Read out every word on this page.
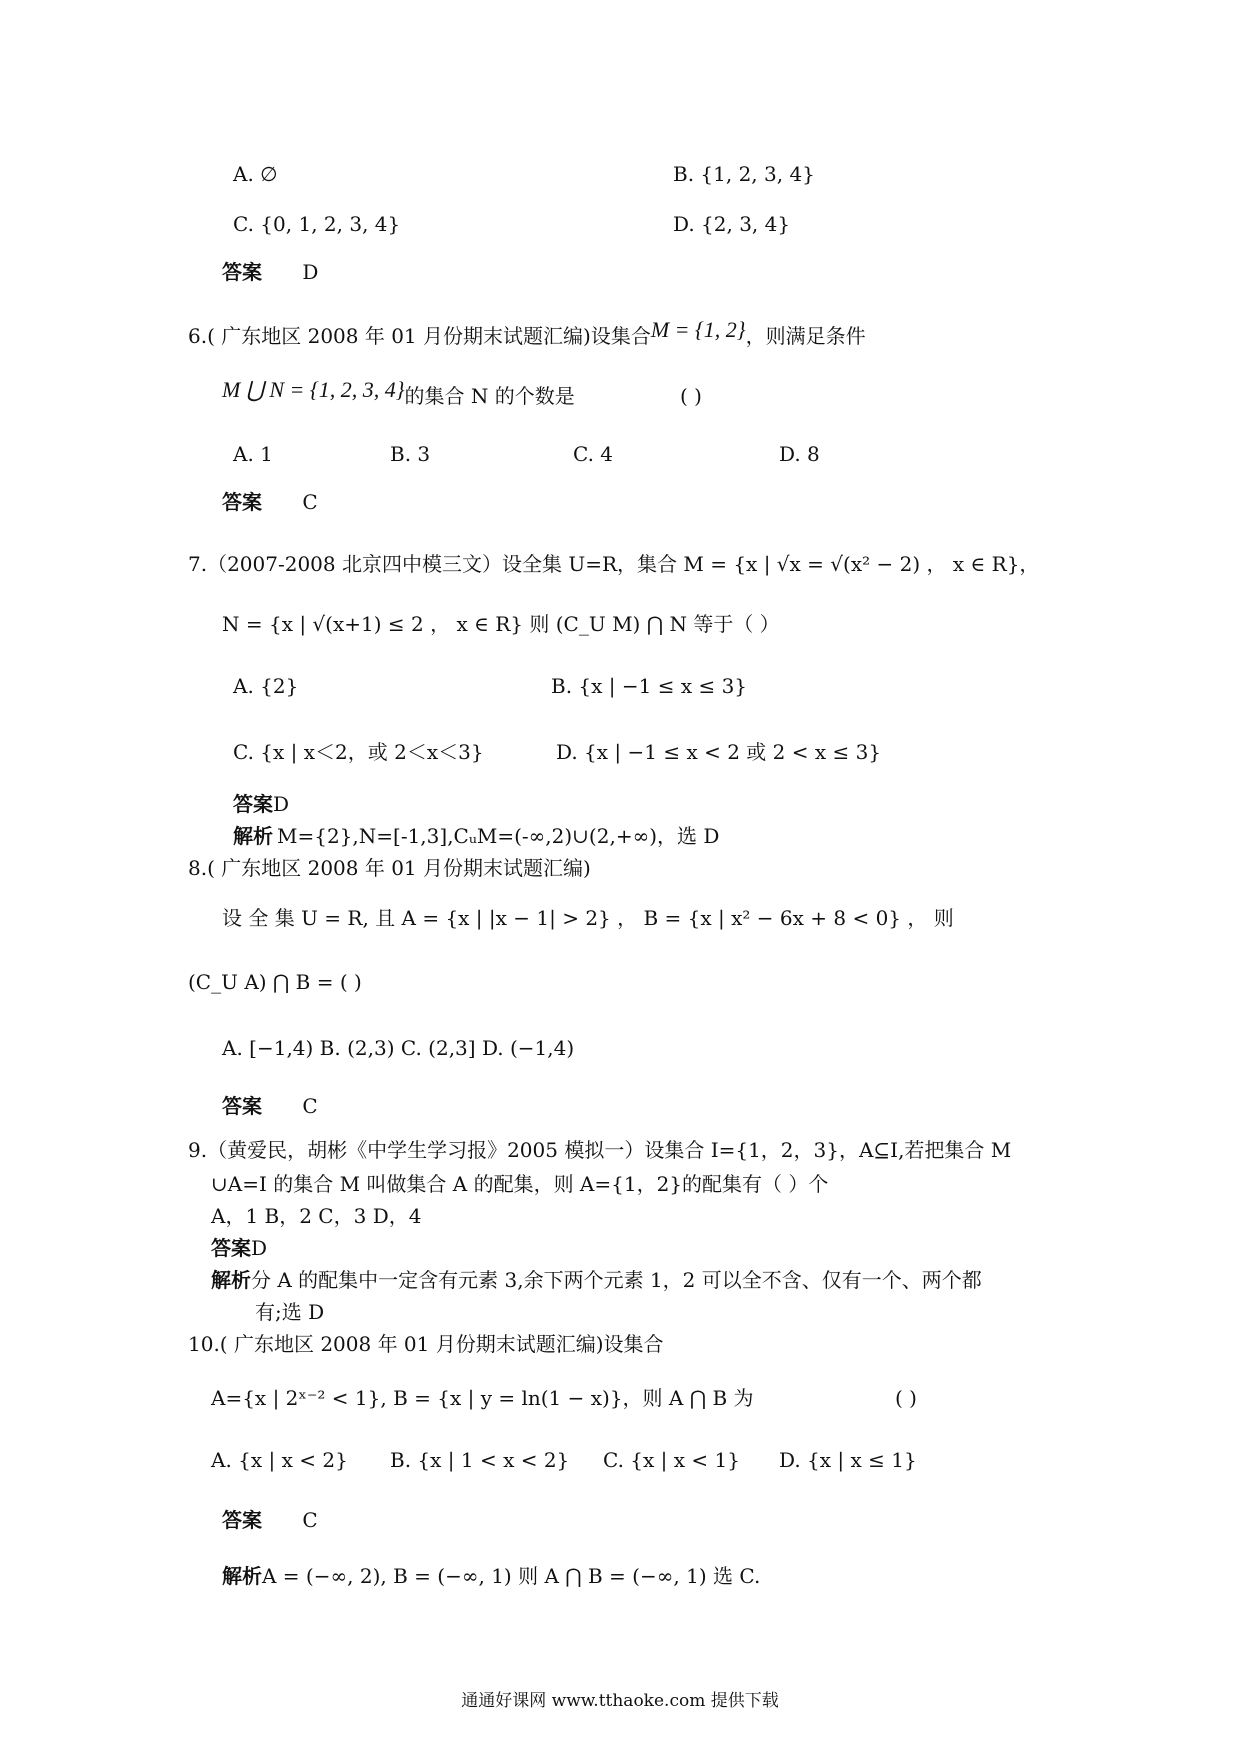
A. ∅	B. {1, 2, 3, 4}
C. {0, 1, 2, 3, 4}	D. {2, 3, 4}
答案 D
6.( 广东地区 2008 年 01 月份期末试题汇编)设集合M = {1, 2}，则满足条件
M ⋃ N = {1, 2, 3, 4}的集合 N 的个数是	( )
A. 1	B. 3	C. 4	D. 8
答案 C
7.（2007-2008 北京四中模三文）设全集 U=R，集合 M = {x | √x = √(x² − 2) ， x ∈ R}，
N = {x | √(x+1) ≤ 2 ， x ∈ R} 则 (C_U M) ⋂ N 等于（ ）
A. {2}	B. {x | −1 ≤ x ≤ 3}
C. {x | x＜2，或 2＜x＜3}	D. {x | −1 ≤ x < 2 或 2 < x ≤ 3}
答案D
解析 M={2},N=[-1,3],CᵤM=(-∞,2)∪(2,+∞)，选 D
8.( 广东地区 2008 年 01 月份期末试题汇编)
设 全 集 U = R, 且 A = {x | |x − 1| > 2} ， B = {x | x² − 6x + 8 < 0} ， 则
(C_U A) ⋂ B = ( )
A. [−1,4) B. (2,3) C. (2,3] D. (−1,4)
答案 C
9.（黄爱民，胡彬《中学生学习报》2005 模拟一）设集合 I={1，2，3}，A⊆I,若把集合 M
∪A=I 的集合 M 叫做集合 A 的配集，则 A={1，2}的配集有（ ）个
A，1 B，2 C，3 D，4
答案D
解析分 A 的配集中一定含有元素 3,余下两个元素 1，2 可以全不含、仅有一个、两个都
有;选 D
10.( 广东地区 2008 年 01 月份期末试题汇编)设集合
A={x | 2ˣ⁻² < 1}, B = {x | y = ln(1 − x)}，则 A ⋂ B 为	( )
A. {x | x < 2} B. {x | 1 < x < 2} C. {x | x < 1} D. {x | x ≤ 1}
答案 C
解析A = (−∞, 2), B = (−∞, 1) 则 A ⋂ B = (−∞, 1) 选 C.
通通好课网 www.tthaoke.com 提供下载
